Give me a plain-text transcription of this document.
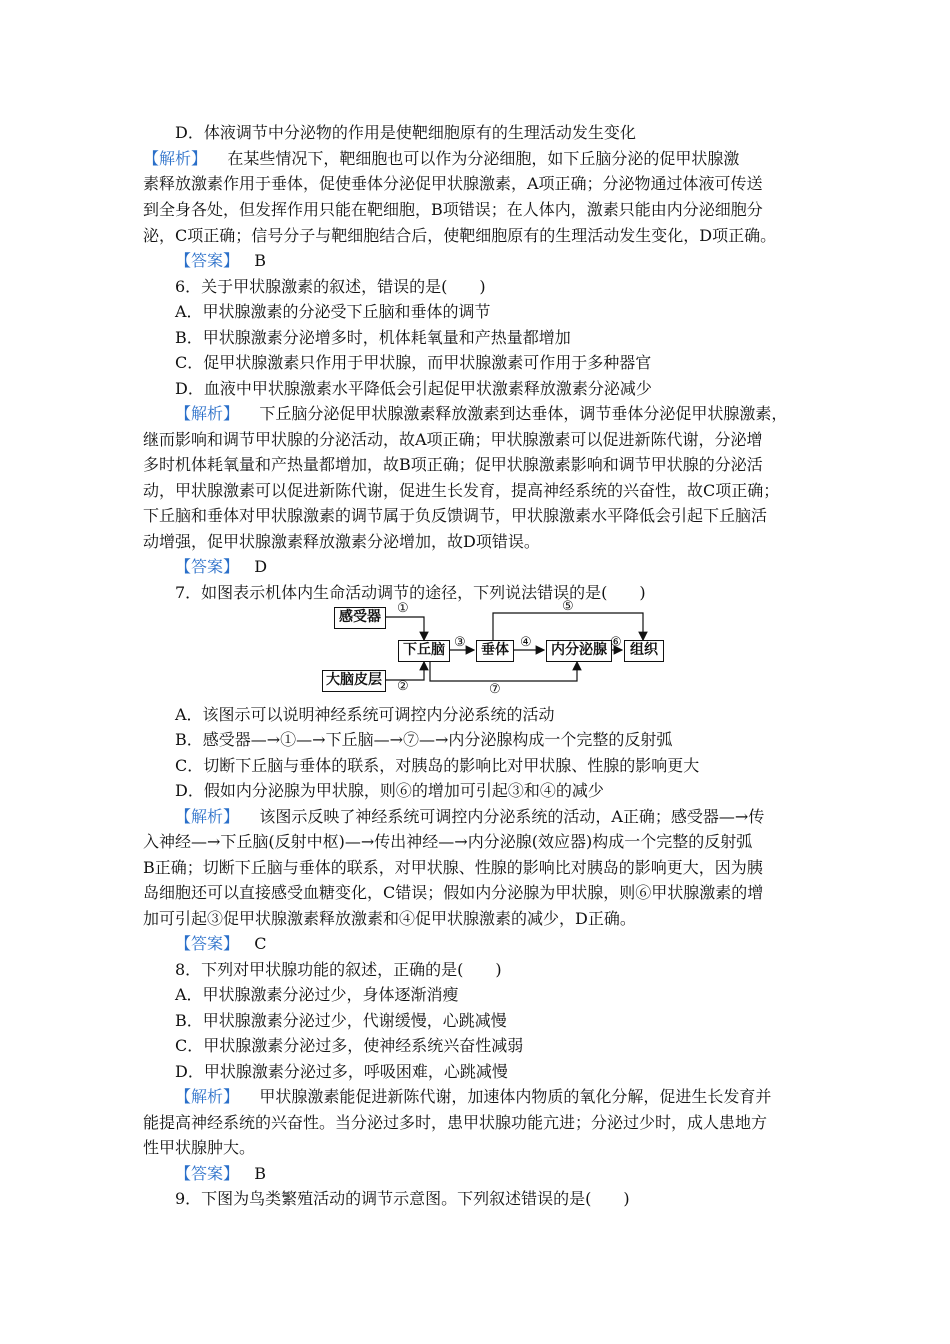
D．体液调节中分泌物的作用是使靶细胞原有的生理活动发生变化
【解析】 在某些情况下，靶细胞也可以作为分泌细胞，如下丘脑分泌的促甲状腺激
素释放激素作用于垂体，促使垂体分泌促甲状腺激素，A项正确；分泌物通过体液可传送
到全身各处，但发挥作用只能在靶细胞，B项错误；在人体内，激素只能由内分泌细胞分
泌，C项正确；信号分子与靶细胞结合后，使靶细胞原有的生理活动发生变化，D项正确。
【答案】 B
6．关于甲状腺激素的叙述，错误的是(　　)
A．甲状腺激素的分泌受下丘脑和垂体的调节
B．甲状腺激素分泌增多时，机体耗氧量和产热量都增加
C．促甲状腺激素只作用于甲状腺，而甲状腺激素可作用于多种器官
D．血液中甲状腺激素水平降低会引起促甲状激素释放激素分泌减少
【解析】 下丘脑分泌促甲状腺激素释放激素到达垂体，调节垂体分泌促甲状腺激素，
继而影响和调节甲状腺的分泌活动，故A项正确；甲状腺激素可以促进新陈代谢，分泌增
多时机体耗氧量和产热量都增加，故B项正确；促甲状腺激素影响和调节甲状腺的分泌活
动，甲状腺激素可以促进新陈代谢，促进生长发育，提高神经系统的兴奋性，故C项正确；
下丘脑和垂体对甲状腺激素的调节属于负反馈调节，甲状腺激素水平降低会引起下丘脑活
动增强，促甲状腺激素释放激素分泌增加，故D项错误。
【答案】 D
7．如图表示机体内生命活动调节的途径，下列说法错误的是(　　)
感受器
大脑皮层
下丘脑	垂体	内分泌腺	组织
①
②
③	④
⑤
⑥
⑦
A．该图示可以说明神经系统可调控内分泌系统的活动
B．感受器—→①—→下丘脑—→⑦—→内分泌腺构成一个完整的反射弧
C．切断下丘脑与垂体的联系，对胰岛的影响比对甲状腺、性腺的影响更大
D．假如内分泌腺为甲状腺，则⑥的增加可引起③和④的减少
【解析】 该图示反映了神经系统可调控内分泌系统的活动，A正确；感受器—→传
入神经—→下丘脑(反射中枢)—→传出神经—→内分泌腺(效应器)构成一个完整的反射弧
B正确；切断下丘脑与垂体的联系，对甲状腺、性腺的影响比对胰岛的影响更大，因为胰
岛细胞还可以直接感受血糖变化，C错误；假如内分泌腺为甲状腺，则⑥甲状腺激素的增
加可引起③促甲状腺激素释放激素和④促甲状腺激素的减少，D正确。
【答案】 C
8．下列对甲状腺功能的叙述，正确的是(　　)
A．甲状腺激素分泌过少，身体逐渐消瘦
B．甲状腺激素分泌过少，代谢缓慢，心跳减慢
C．甲状腺激素分泌过多，使神经系统兴奋性减弱
D．甲状腺激素分泌过多，呼吸困难，心跳减慢
【解析】 甲状腺激素能促进新陈代谢，加速体内物质的氧化分解，促进生长发育并
能提高神经系统的兴奋性。当分泌过多时，患甲状腺功能亢进；分泌过少时，成人患地方
性甲状腺肿大。
【答案】 B
9．下图为鸟类繁殖活动的调节示意图。下列叙述错误的是(　　)
